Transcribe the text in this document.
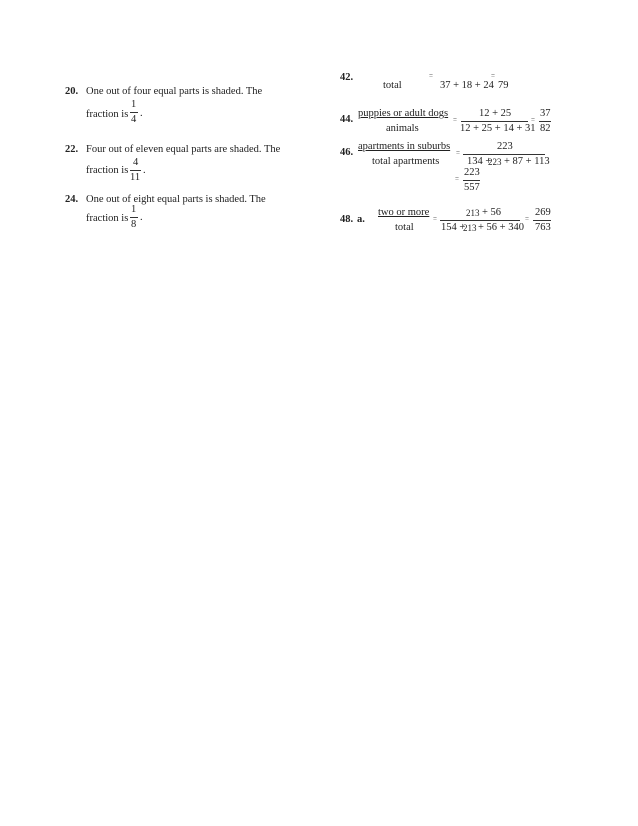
20. One out of four equal parts is shaded. The
fraction is
1
4
.
22. Four out of eleven equal parts are shaded. The
fraction is
4
11
.
24. One out of eight equal parts is shaded. The
fraction is
1
8
.
42.	=	=
total	37 + 18 + 24 79
44.
puppies or adult dogs
animals
=
12 + 25
12 + 25 + 14 + 31
=
37
82
46.
apartments in suburbs
total apartments
=
223
134 +
223 + 87 + 113
=
223
557
48. a.
two or more
total
=
213 + 56
154 +
213 + 56 + 340
=
269
763
